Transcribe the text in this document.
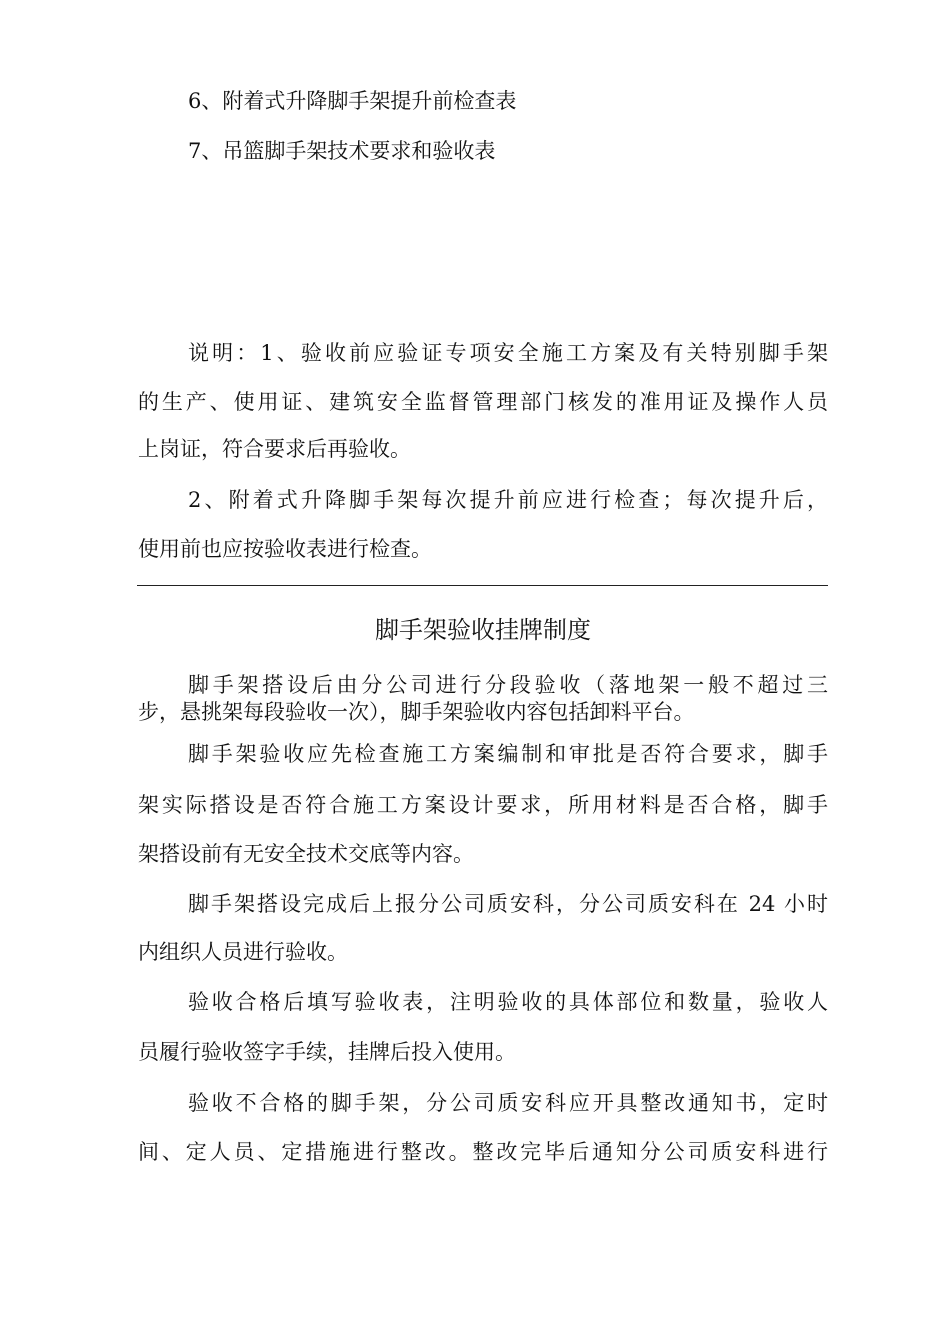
6、附着式升降脚手架提升前检查表
7、吊篮脚手架技术要求和验收表
说明：1、验收前应验证专项安全施工方案及有关特别脚手架
的生产、使用证、建筑安全监督管理部门核发的准用证及操作人员
上岗证，符合要求后再验收。
2、附着式升降脚手架每次提升前应进行检查；每次提升后，
使用前也应按验收表进行检查。
脚手架验收挂牌制度
脚手架搭设后由分公司进行分段验收（落地架一般不超过三
步，悬挑架每段验收一次），脚手架验收内容包括卸料平台。
脚手架验收应先检查施工方案编制和审批是否符合要求，脚手
架实际搭设是否符合施工方案设计要求，所用材料是否合格，脚手
架搭设前有无安全技术交底等内容。
脚手架搭设完成后上报分公司质安科，分公司质安科在 24 小时
内组织人员进行验收。
验收合格后填写验收表，注明验收的具体部位和数量，验收人
员履行验收签字手续，挂牌后投入使用。
验收不合格的脚手架，分公司质安科应开具整改通知书，定时
间、定人员、定措施进行整改。整改完毕后通知分公司质安科进行
